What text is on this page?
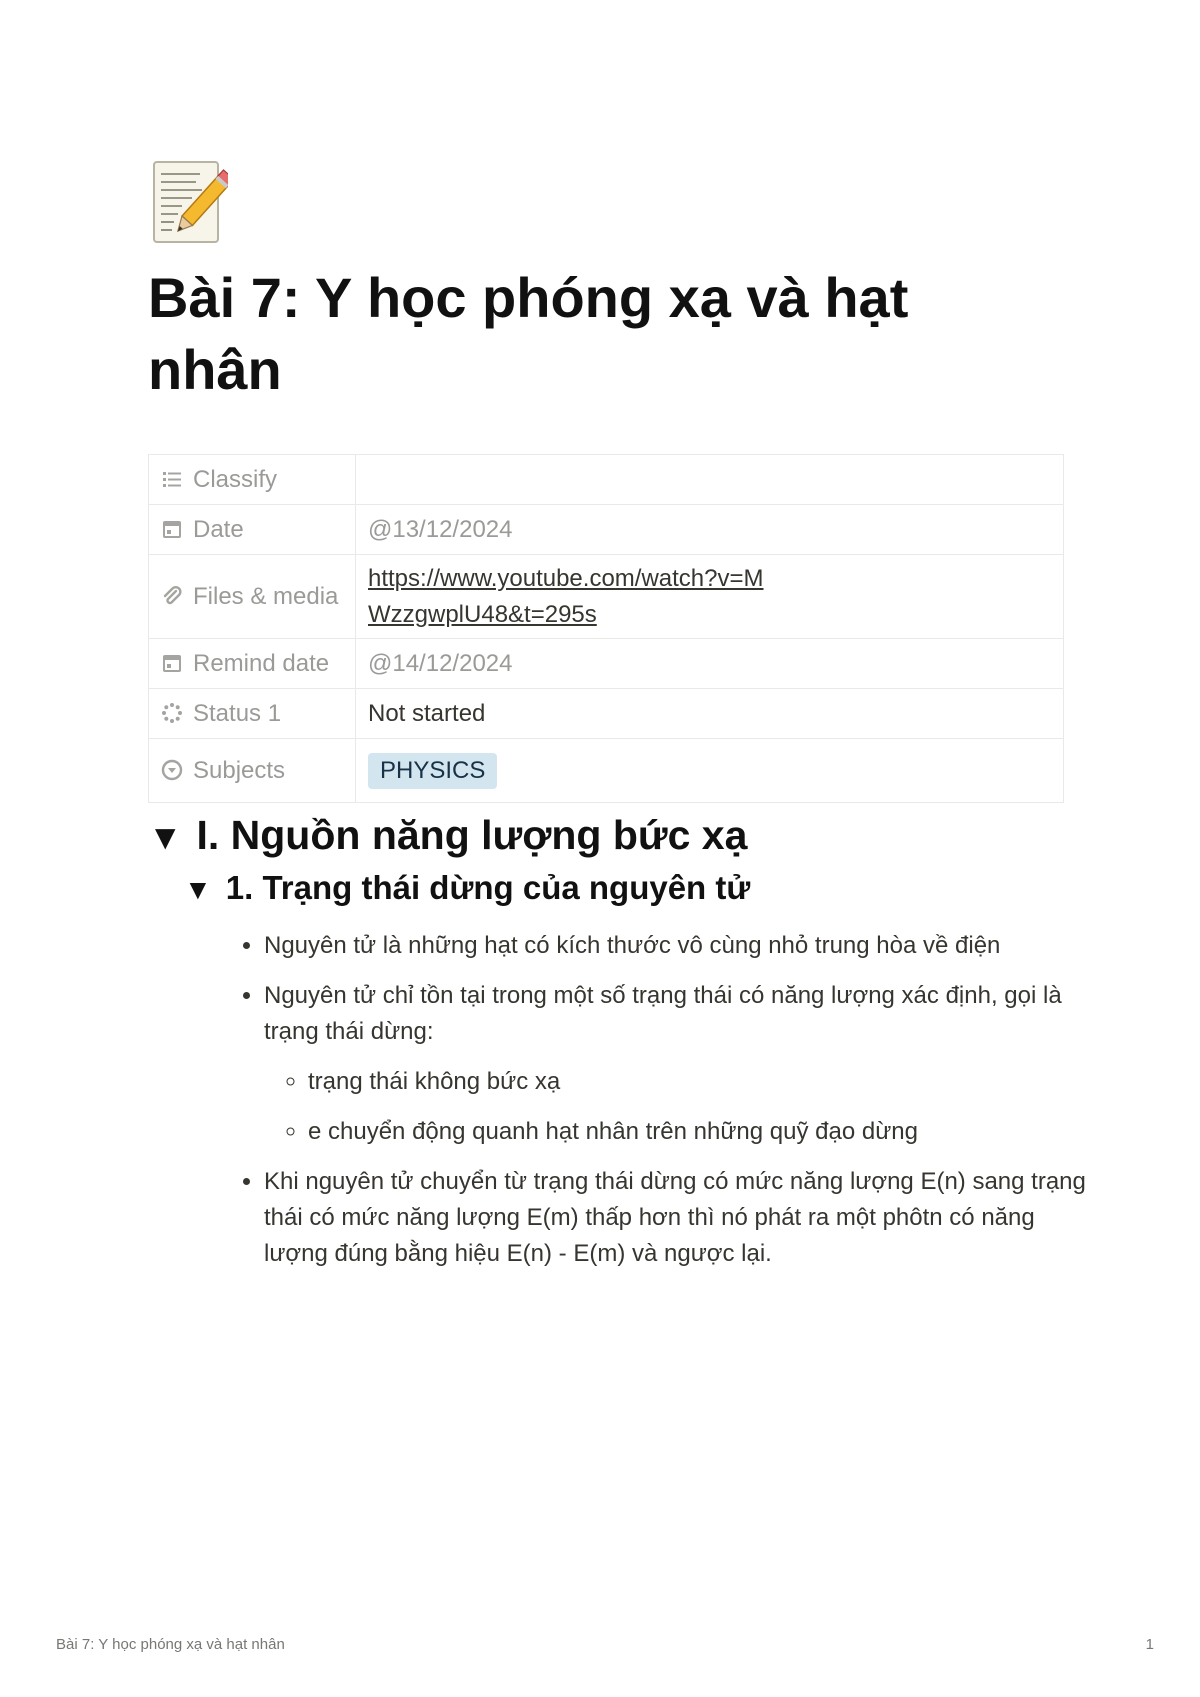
Bài 7: Y học phóng xạ và hạt nhân
Classify	
Date	@13/12/2024
Files & media	https://www.youtube.com/watch?v=MWzzgwplU48&t=295s

Remind date	@14/12/2024
Status 1	Not started
Subjects	PHYSICS
▼ I. Nguồn năng lượng bức xạ
▼ 1. Trạng thái dừng của nguyên tử
• Nguyên tử là những hạt có kích thước vô cùng nhỏ trung hòa về điện
• Nguyên tử chỉ tồn tại trong một số trạng thái có năng lượng xác định, gọi là trạng thái dừng:
◦ trạng thái không bức xạ
◦ e chuyển động quanh hạt nhân trên những quỹ đạo dừng
• Khi nguyên tử chuyển từ trạng thái dừng có mức năng lượng E(n) sang trạng thái có mức năng lượng E(m) thấp hơn thì nó phát ra một phôtn có năng lượng đúng bằng hiệu E(n) - E(m) và ngược lại.
Bài 7: Y học phóng xạ và hạt nhân	1
